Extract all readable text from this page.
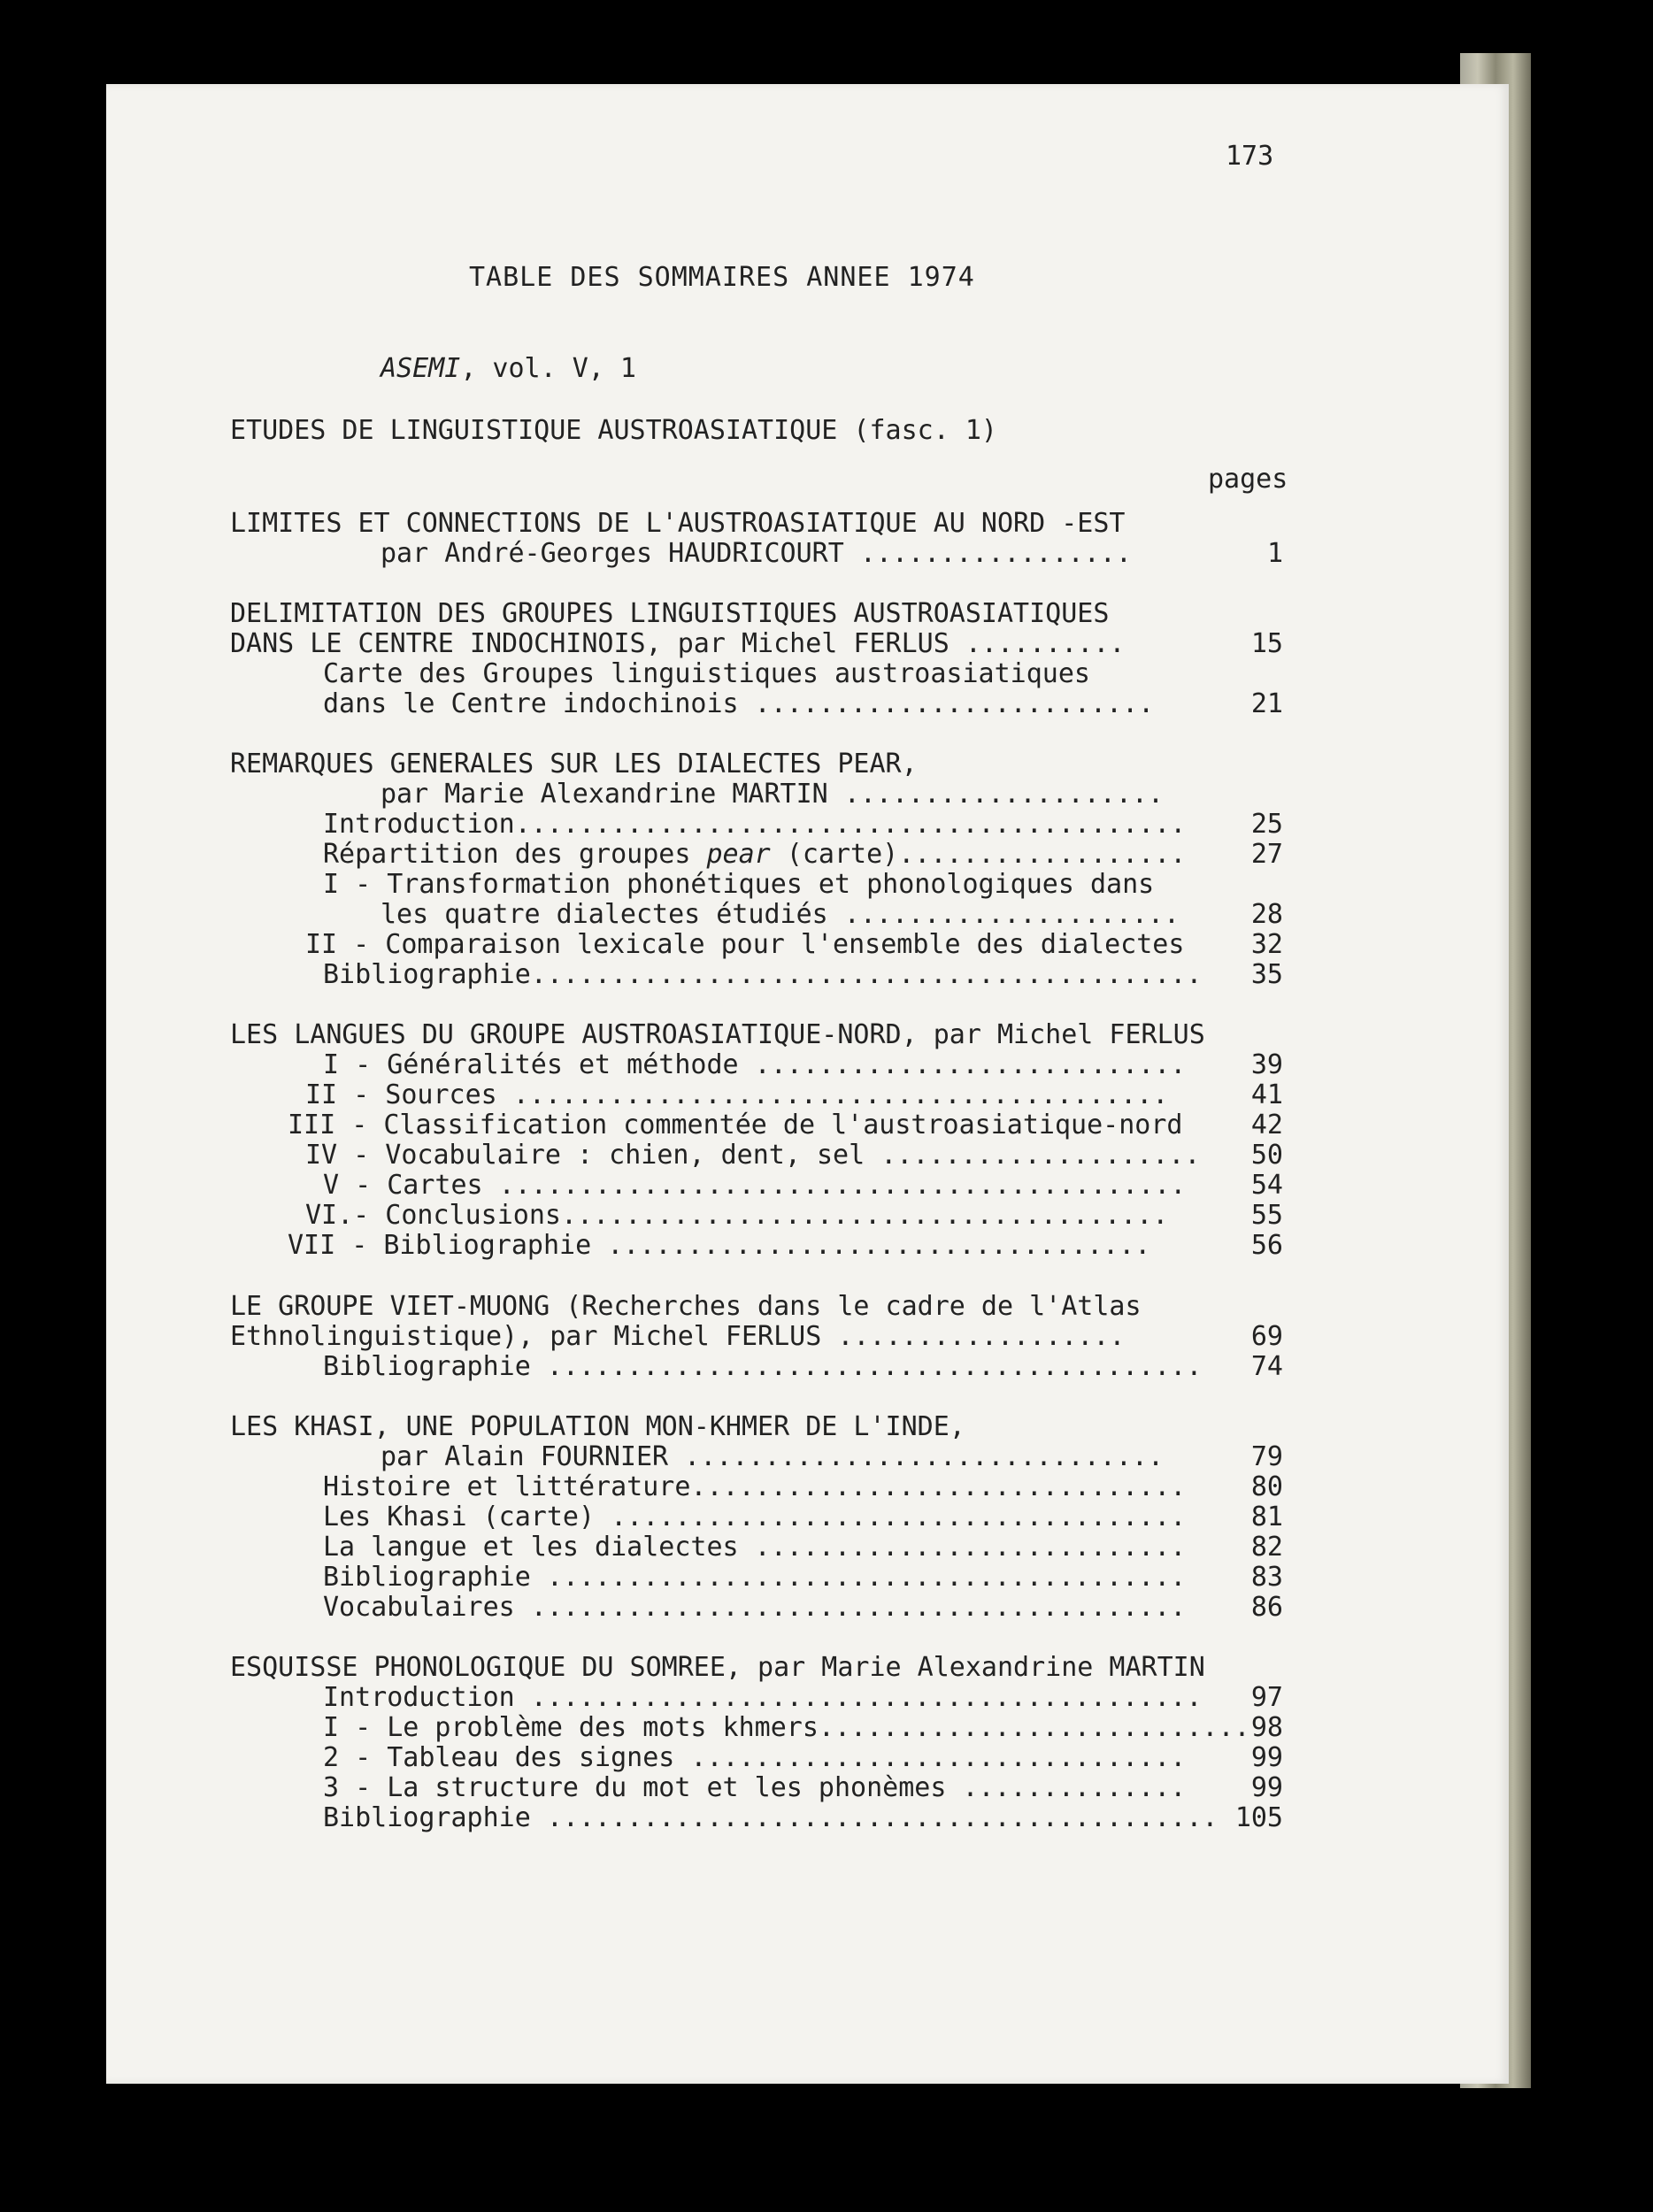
173
TABLE DES SOMMAIRES ANNEE 1974
ASEMI, vol. V, 1
ETUDES DE LINGUISTIQUE AUSTROASIATIQUE (fasc. 1)
pages
LIMITES ET CONNECTIONS DE L'AUSTROASIATIQUE AU NORD -EST
par André-Georges HAUDRICOURT .................	1
DELIMITATION DES GROUPES LINGUISTIQUES AUSTROASIATIQUES
DANS LE CENTRE INDOCHINOIS, par Michel FERLUS ..........	15
Carte des Groupes linguistiques austroasiatiques
dans le Centre indochinois .........................	21
REMARQUES GENERALES SUR LES DIALECTES PEAR,
par Marie Alexandrine MARTIN ....................
Introduction..........................................	25
Répartition des groupes pear (carte)..................	27
I - Transformation phonétiques et phonologiques dans
les quatre dialectes étudiés .....................	28
II - Comparaison lexicale pour l'ensemble des dialectes	32
Bibliographie..........................................	35
LES LANGUES DU GROUPE AUSTROASIATIQUE-NORD, par Michel FERLUS
I - Généralités et méthode ...........................	39
II - Sources .........................................	41
III - Classification commentée de l'austroasiatique-nord	42
IV - Vocabulaire : chien, dent, sel ....................	50
V - Cartes ...........................................	54
VI.- Conclusions......................................	55
VII - Bibliographie ..................................	56
LE GROUPE VIET-MUONG (Recherches dans le cadre de l'Atlas
Ethnolinguistique), par Michel FERLUS ..................	69
Bibliographie .........................................	74
LES KHASI, UNE POPULATION MON-KHMER DE L'INDE,
par Alain FOURNIER ..............................	79
Histoire et littérature...............................	80
Les Khasi (carte) ....................................	81
La langue et les dialectes ...........................	82
Bibliographie ........................................	83
Vocabulaires .........................................	86
ESQUISSE PHONOLOGIQUE DU SOMREE, par Marie Alexandrine MARTIN
Introduction ..........................................	97
I - Le problème des mots khmers........................... 98
2 - Tableau des signes ...............................	99
3 - La structure du mot et les phonèmes ..............	99
Bibliographie .......................................... 105
